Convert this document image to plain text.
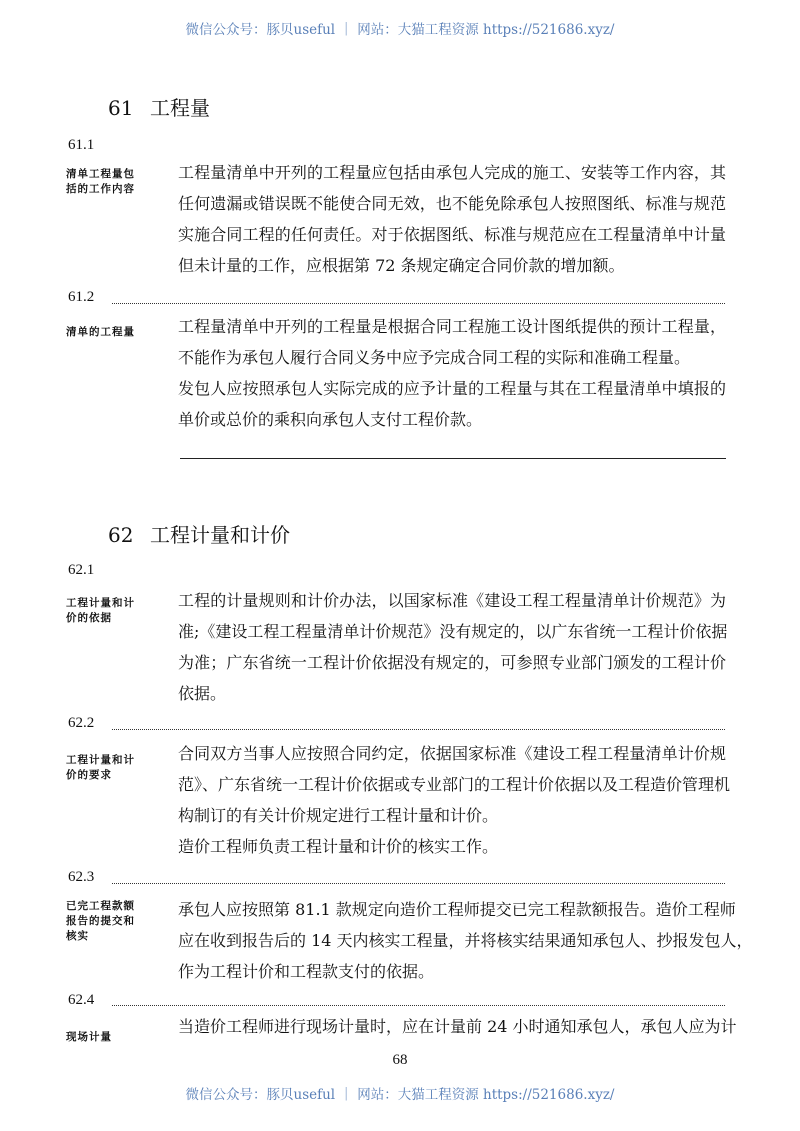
微信公众号：豚贝useful ｜ 网站：大猫工程资源 https://521686.xyz/
61 工程量
62 工程计量和计价
61.1
清单工程量包
括的工作内容
工程量清单中开列的工程量应包括由承包人完成的施工、安装等工作内容，其
任何遗漏或错误既不能使合同无效，也不能免除承包人按照图纸、标准与规范
实施合同工程的任何责任。对于依据图纸、标准与规范应在工程量清单中计量
但未计量的工作，应根据第 72 条规定确定合同价款的增加额。
61.2
清单的工程量	工程量清单中开列的工程量是根据合同工程施工设计图纸提供的预计工程量，
不能作为承包人履行合同义务中应予完成合同工程的实际和准确工程量。
发包人应按照承包人实际完成的应予计量的工程量与其在工程量清单中填报的
单价或总价的乘积向承包人支付工程价款。
62.1
工程计量和计
价的依据
工程的计量规则和计价办法，以国家标准《建设工程工程量清单计价规范》为
准;《建设工程工程量清单计价规范》没有规定的，以广东省统一工程计价依据
为准；广东省统一工程计价依据没有规定的，可参照专业部门颁发的工程计价
依据。
62.2
工程计量和计
价的要求
合同双方当事人应按照合同约定，依据国家标准《建设工程工程量清单计价规
范》、广东省统一工程计价依据或专业部门的工程计价依据以及工程造价管理机
构制订的有关计价规定进行工程计量和计价。
造价工程师负责工程计量和计价的核实工作。
62.3
已完工程款额
报告的提交和
核实
承包人应按照第 81.1 款规定向造价工程师提交已完工程款额报告。造价工程师
应在收到报告后的 14 天内核实工程量，并将核实结果通知承包人、抄报发包人，
作为工程计价和工程款支付的依据。
62.4
现场计量
当造价工程师进行现场计量时，应在计量前 24 小时通知承包人，承包人应为计
68
微信公众号：豚贝useful ｜ 网站：大猫工程资源 https://521686.xyz/
